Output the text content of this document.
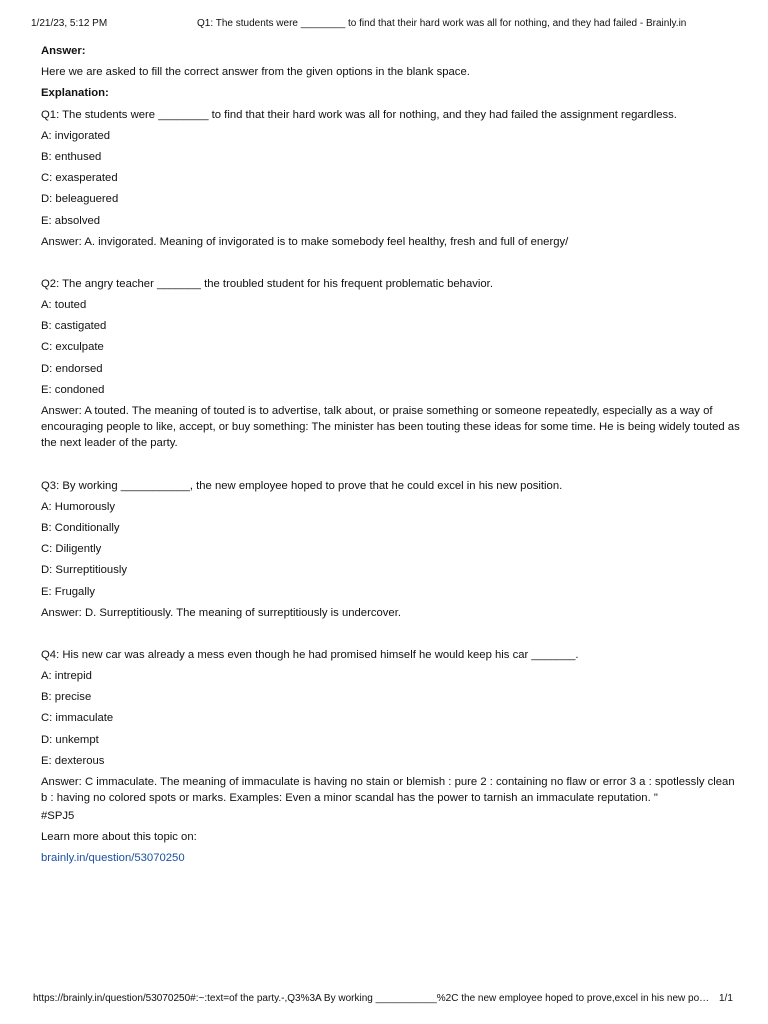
1/21/23, 5:12 PM	Q1: The students were ________ to find that their hard work was all for nothing, and they had failed - Brainly.in

Answer:

Here we are asked to fill the correct answer from the given options in the blank space.

Explanation:

Q1: The students were ________ to find that their hard work was all for nothing, and they had failed the assignment regardless.

A: invigorated

B: enthused

C: exasperated

D: beleaguered

E: absolved

Answer: A. invigorated. Meaning of invigorated is to make somebody feel healthy, fresh and full of energy/

Q2: The angry teacher _______ the troubled student for his frequent problematic behavior.

A: touted

B: castigated

C: exculpate

D: endorsed

E: condoned

Answer: A touted. The meaning of touted is to advertise, talk about, or praise something or someone repeatedly, especially as a way of encouraging people to like, accept, or buy something: The minister has been touting these ideas for some time. He is being widely touted as the next leader of the party.

Q3: By working ___________, the new employee hoped to prove that he could excel in his new position.

A: Humorously

B: Conditionally

C: Diligently

D: Surreptitiously

E: Frugally

Answer: D. Surreptitiously. The meaning of surreptitiously is undercover.

Q4: His new car was already a mess even though he had promised himself he would keep his car _______.

A: intrepid

B: precise

C: immaculate

D: unkempt

E: dexterous

Answer: C immaculate. The meaning of immaculate is having no stain or blemish : pure 2 : containing no flaw or error 3 a : spotlessly clean b : having no colored spots or marks. Examples: Even a minor scandal has the power to tarnish an immaculate reputation. "

#SPJ5

Learn more about this topic on:

brainly.in/question/53070250

https://brainly.in/question/53070250#:~:text=of the party.-,Q3%3A By working ___________%2C the new employee hoped to prove,excel in his new po… 1/1
